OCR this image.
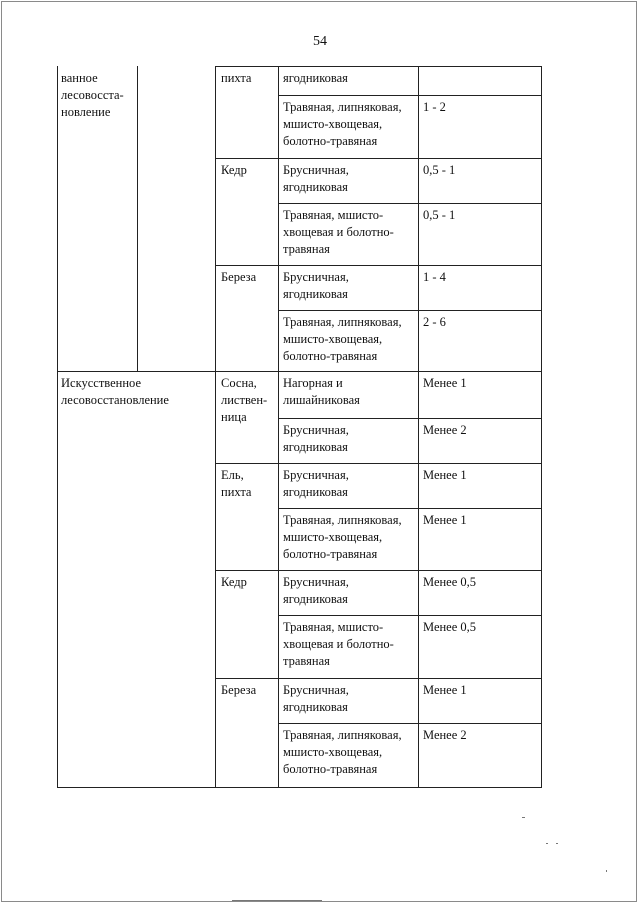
54
ванное
лесовосста-
новление
Искусственное
лесовосстановление
пихта
Кедр
Береза
Сосна,
листвен-
ница
Ель,
пихта
Кедр
Береза
ягодниковая
Травяная, липняковая,
мшисто-хвощевая,
болотно-травяная
1 - 2
Брусничная,
ягодниковая
0,5 - 1
Травяная, мшисто-
хвощевая и болотно-
травяная
0,5 - 1
Брусничная,
ягодниковая
1 - 4
Травяная, липняковая,
мшисто-хвощевая,
болотно-травяная
2 - 6
Нагорная и
лишайниковая
Менее 1
Брусничная,
ягодниковая
Менее 2
Брусничная,
ягодниковая
Менее 1
Травяная, липняковая,
мшисто-хвощевая,
болотно-травяная
Менее 1
Брусничная,
ягодниковая
Менее 0,5
Травяная, мшисто-
хвощевая и болотно-
травяная
Менее 0,5
Брусничная,
ягодниковая
Менее 1
Травяная, липняковая,
мшисто-хвощевая,
болотно-травяная
Менее 2
